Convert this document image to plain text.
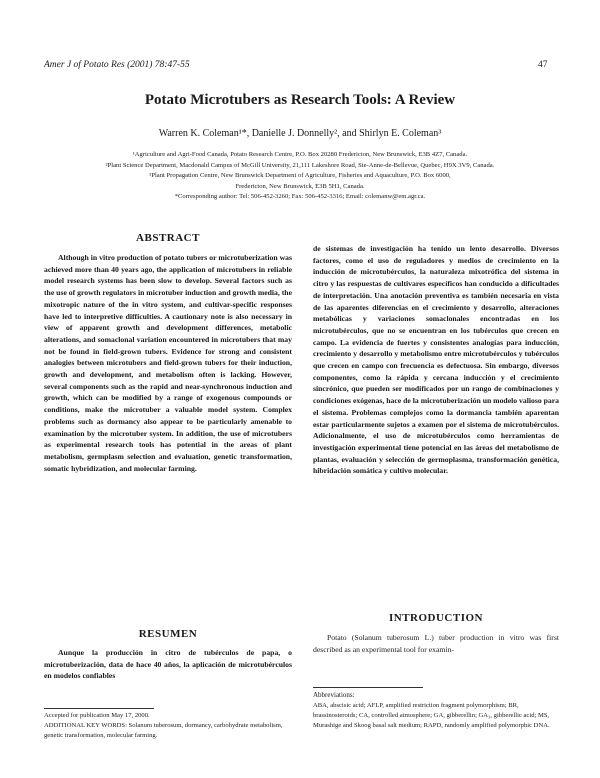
Amer J of Potato Res (2001) 78:47-55	47
Potato Microtubers as Research Tools: A Review
Warren K. Coleman¹*, Danielle J. Donnelly², and Shirlyn E. Coleman³
¹Agriculture and Agri-Food Canada, Potato Research Centre, P.O. Box 20280 Fredericton, New Brunswick, E3B 4Z7, Canada.
²Plant Science Department, Macdonald Campus of McGill University, 21,111 Lakeshore Road, Ste-Anne-de-Bellevue, Quebec, H9X 3V9, Canada.
³Plant Propagation Centre, New Brunswick Department of Agriculture, Fisheries and Aquaculture, P.O. Box 6000,
Fredericton, New Brunswick, E3B 5H1, Canada.
*Corresponding author: Tel: 506-452-3260; Fax: 506-452-3316; Email: colemanw@em.agr.ca.
ABSTRACT

Although in vitro production of potato tubers or microtuberization was achieved more than 40 years ago, the application of microtubers in reliable model research systems has been slow to develop. Several factors such as the use of growth regulators in microtuber induction and growth media, the mixotropic nature of the in vitro system, and cultivar-specific responses have led to interpretive difficulties. A cautionary note is also necessary in view of apparent growth and development differences, metabolic alterations, and somaclonal variation encountered in microtubers that may not be found in field-grown tubers. Evidence for strong and consistent analogies between microtubers and field-grown tubers for their induction, growth and development, and metabolism often is lacking. However, several components such as the rapid and near-synchronous induction and growth, which can be modified by a range of exogenous compounds or conditions, make the microtuber a valuable model system. Complex problems such as dormancy also appear to be particularly amenable to examination by the microtuber system. In addition, the use of microtubers as experimental research tools has potential in the areas of plant metabolism, germplasm selection and evaluation, genetic transformation, somatic hybridization, and molecular farming.

RESUMEN

Aunque la producción in citro de tubérculos de papa, o microtuberización, data de hace 40 años, la aplicación de microtubérculos en modelos confiables

Accepted for publication May 17, 2000.
ADDITIONAL KEY WORDS: Solanum tuberosum, dormancy, carbohydrate metabolism, genetic transformation, molecular farming.

de sistemas de investigación ha tenido un lento desarrollo. Diversos factores, como el uso de reguladores y medios de crecimiento en la inducción de microtubérculos, la naturaleza mixotrófica del sistema in citro y las respuestas de cultivares específicos han conducido a dificultades de interpretación. Una anotación preventiva es también necesaria en vista de las aparentes diferencias en el crecimiento y desarrollo, alteraciones metabólicas y variaciones somaclonales encontradas en los microtubérculos, que no se encuentran en los tubérculos que crecen en campo. La evidencia de fuertes y consistentes analogías para inducción, crecimiento y desarrollo y metabolismo entre microtubérculos y tubérculos que crecen en campo con frecuencia es defectuosa. Sin embargo, diversos componentes, como la rápida y cercana inducción y el crecimiento sincrónico, que pueden ser modificados por un rango de combinaciones y condiciones exógenas, hace de la microtuberización un modelo valioso para el sistema. Problemas complejos como la dormancia también aparentan estar particularmente sujetos a examen por el sistema de microtubérculos. Adicionalmente, el uso de microtubérculos como herramientas de investigación experimental tiene potencial en las áreas del metabolismo de plantas, evaluación y selección de germoplasma, transformación genética, hibridación somática y cultivo molecular.

INTRODUCTION

Potato (Solanum tuberosum L.) tuber production in vitro was first described as an experimental tool for examin-

Abbreviations:
ABA, abscisic acid; AFLP, amplified restriction fragment polymorphism; BR, brassinosteroids; CA, controlled atmosphere; GA, gibberellin; GA₃, gibberellic acid; MS, Murashige and Skoog basal salt medium; RAPD, randomly amplified polymorphic DNA.
